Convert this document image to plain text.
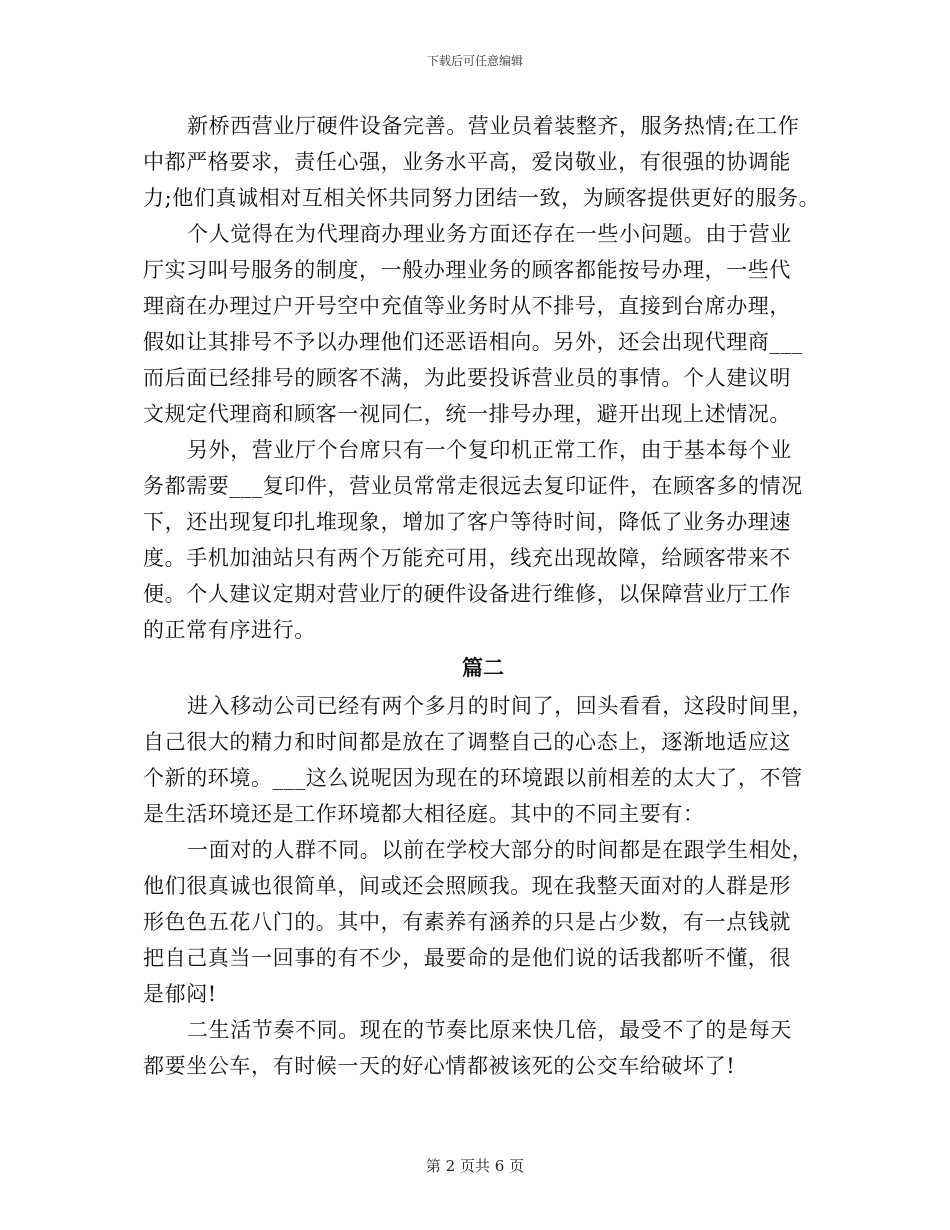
下载后可任意编辑
新桥西营业厅硬件设备完善。营业员着装整齐，服务热情;在工作
中都严格要求，责任心强，业务水平高，爱岗敬业，有很强的协调能
力;他们真诚相对互相关怀共同努力团结一致，为顾客提供更好的服务。
个人觉得在为代理商办理业务方面还存在一些小问题。由于营业
厅实习叫号服务的制度，一般办理业务的顾客都能按号办理，一些代
理商在办理过户开号空中充值等业务时从不排号，直接到台席办理，
假如让其排号不予以办理他们还恶语相向。另外，还会出现代理商___
而后面已经排号的顾客不满，为此要投诉营业员的事情。个人建议明
文规定代理商和顾客一视同仁，统一排号办理，避开出现上述情况。
另外，营业厅个台席只有一个复印机正常工作，由于基本每个业
务都需要___复印件，营业员常常走很远去复印证件，在顾客多的情况
下，还出现复印扎堆现象，增加了客户等待时间，降低了业务办理速
度。手机加油站只有两个万能充可用，线充出现故障，给顾客带来不
便。个人建议定期对营业厅的硬件设备进行维修，以保障营业厅工作
的正常有序进行。
篇二
进入移动公司已经有两个多月的时间了，回头看看，这段时间里，
自己很大的精力和时间都是放在了调整自己的心态上，逐渐地适应这
个新的环境。___这么说呢因为现在的环境跟以前相差的太大了，不管
是生活环境还是工作环境都大相径庭。其中的不同主要有：
一面对的人群不同。以前在学校大部分的时间都是在跟学生相处，
他们很真诚也很简单，间或还会照顾我。现在我整天面对的人群是形
形色色五花八门的。其中，有素养有涵养的只是占少数，有一点钱就
把自己真当一回事的有不少，最要命的是他们说的话我都听不懂，很
是郁闷!
二生活节奏不同。现在的节奏比原来快几倍，最受不了的是每天
都要坐公车，有时候一天的好心情都被该死的公交车给破坏了!
第 2 页共 6 页
